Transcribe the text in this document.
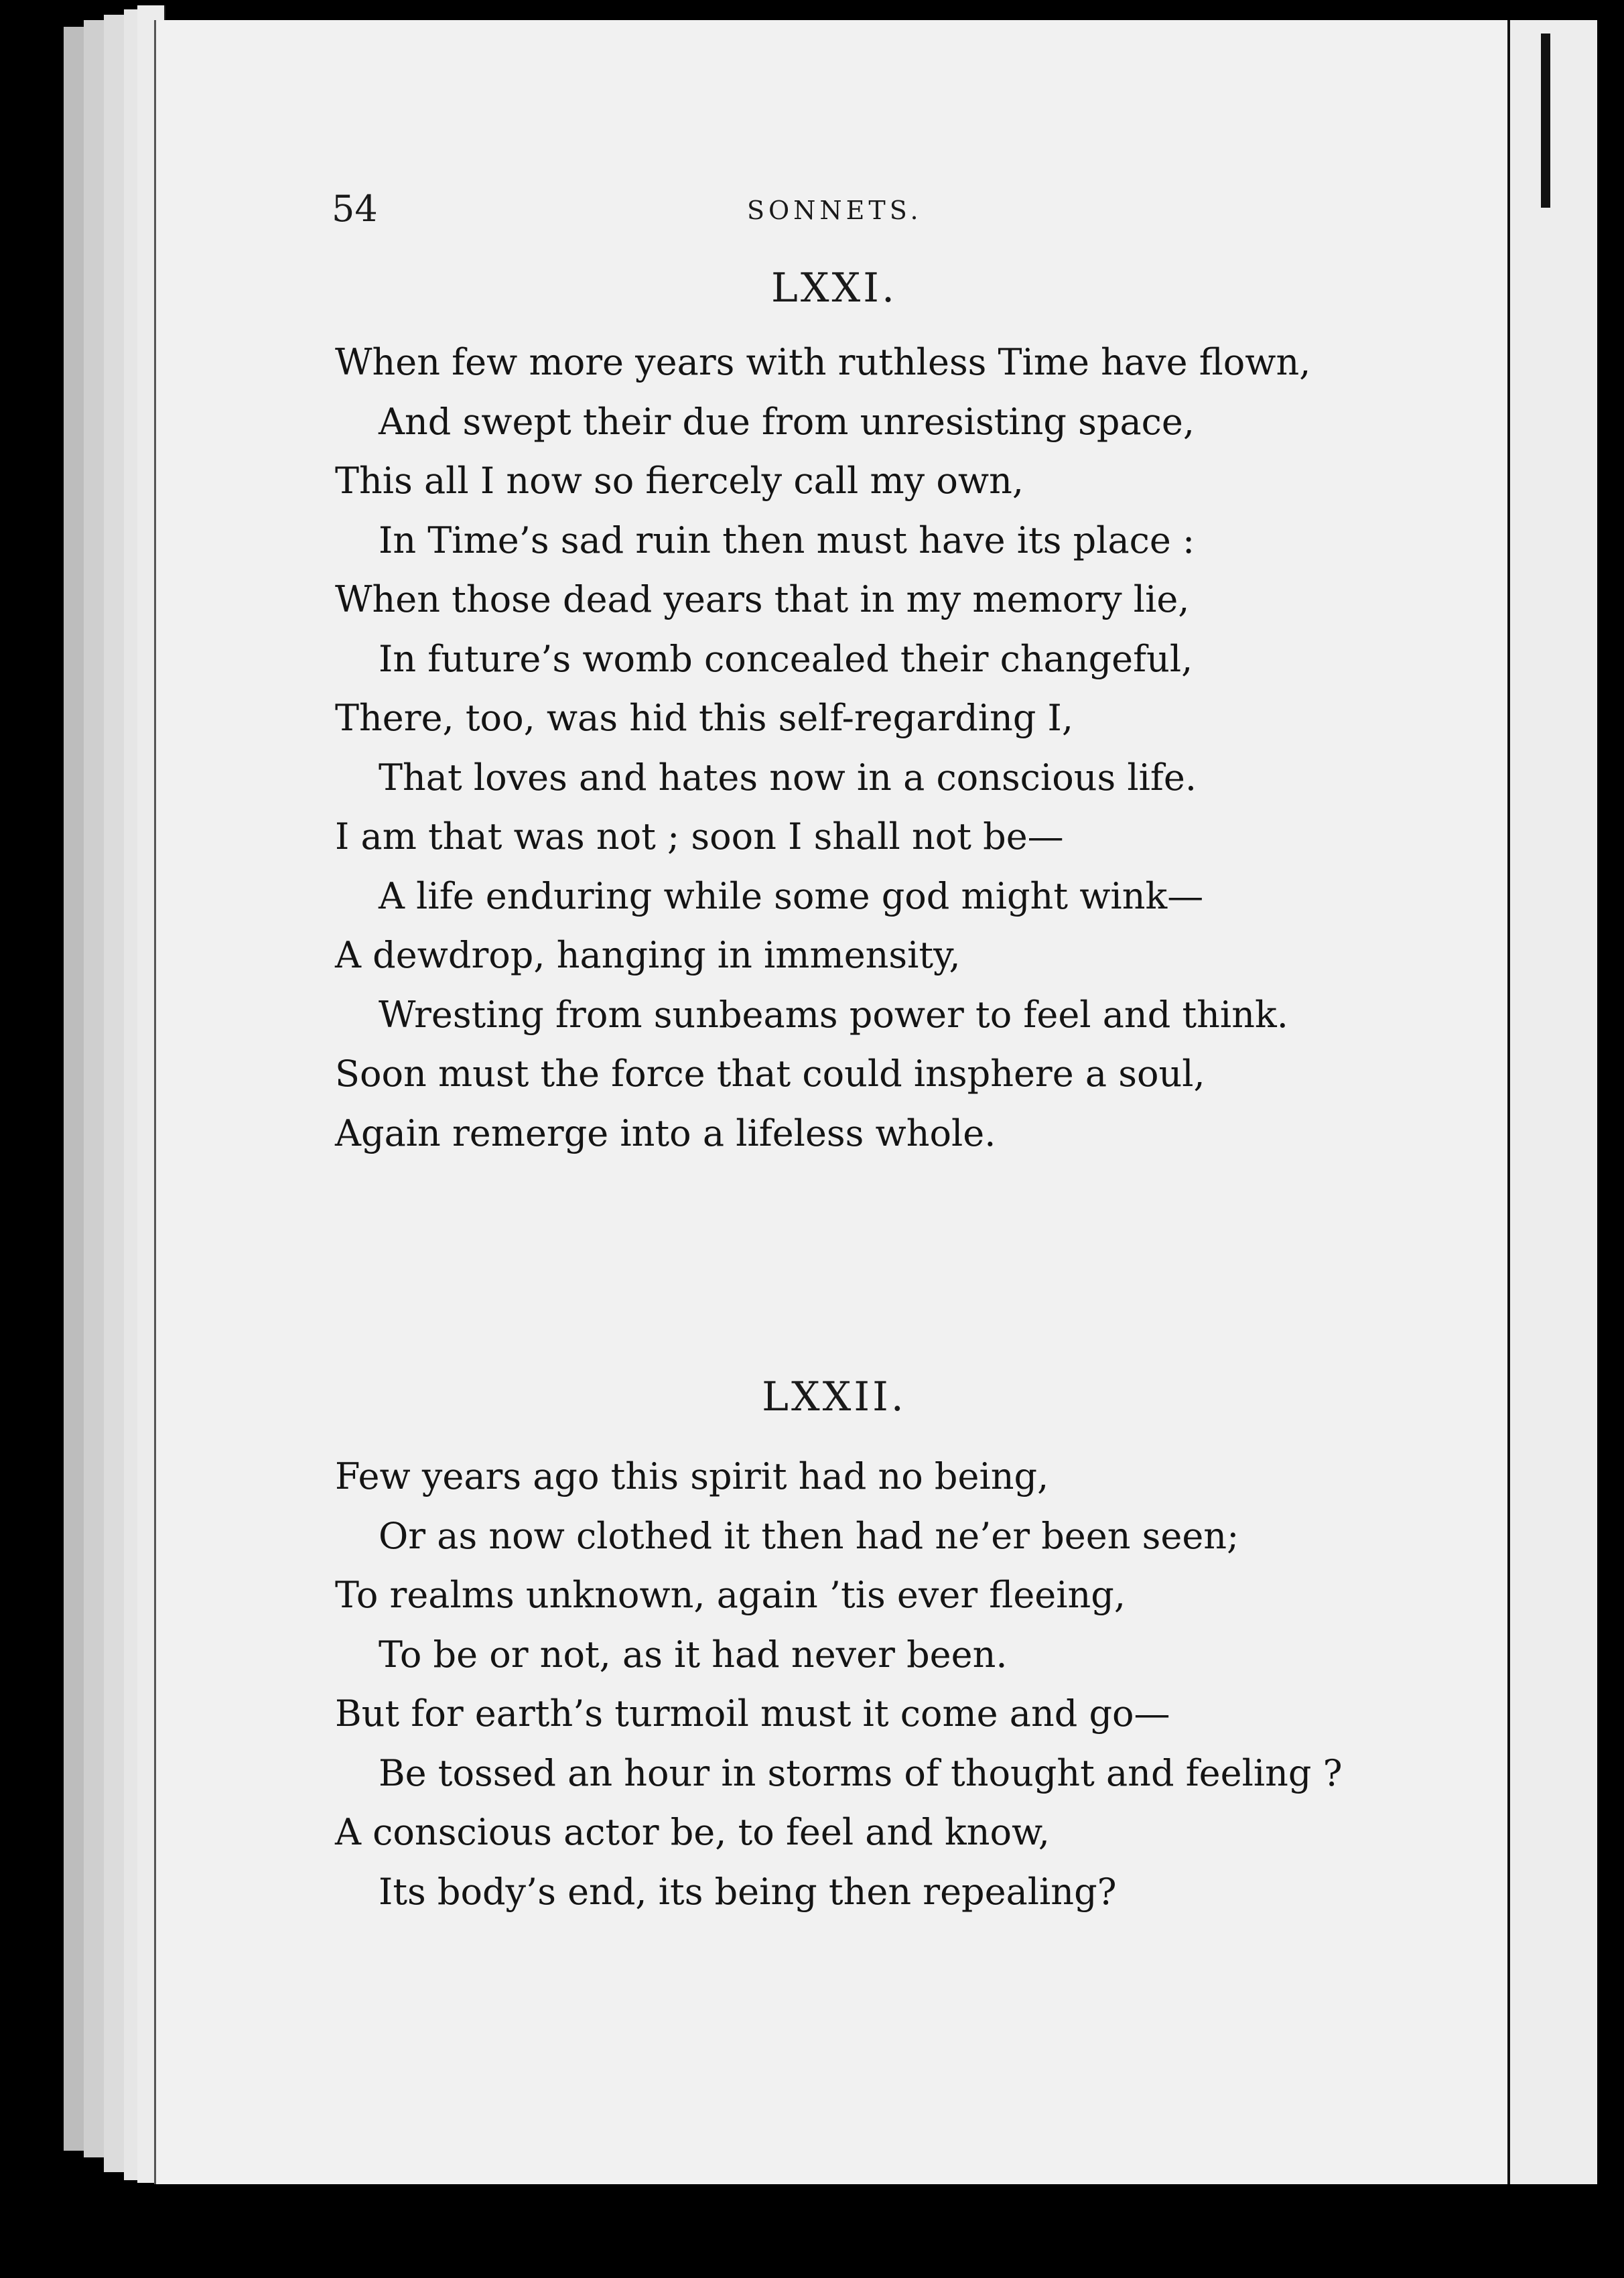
54	SONNETS.
LXXI.
When few more years with ruthless Time have flown,
And swept their due from unresisting space,
This all I now so fiercely call my own,
In Time’s sad ruin then must have its place :
When those dead years that in my memory lie,
In future’s womb concealed their changeful,
There, too, was hid this self-regarding I,
That loves and hates now in a conscious life.
I am that was not ; soon I shall not be—
A life enduring while some god might wink—
A dewdrop, hanging in immensity,
Wresting from sunbeams power to feel and think.
Soon must the force that could insphere a soul,
Again remerge into a lifeless whole.
LXXII.
Few years ago this spirit had no being,
Or as now clothed it then had ne’er been seen;
To realms unknown, again ’tis ever fleeing,
To be or not, as it had never been.
But for earth’s turmoil must it come and go—
Be tossed an hour in storms of thought and feeling ?
A conscious actor be, to feel and know,
Its body’s end, its being then repealing?
